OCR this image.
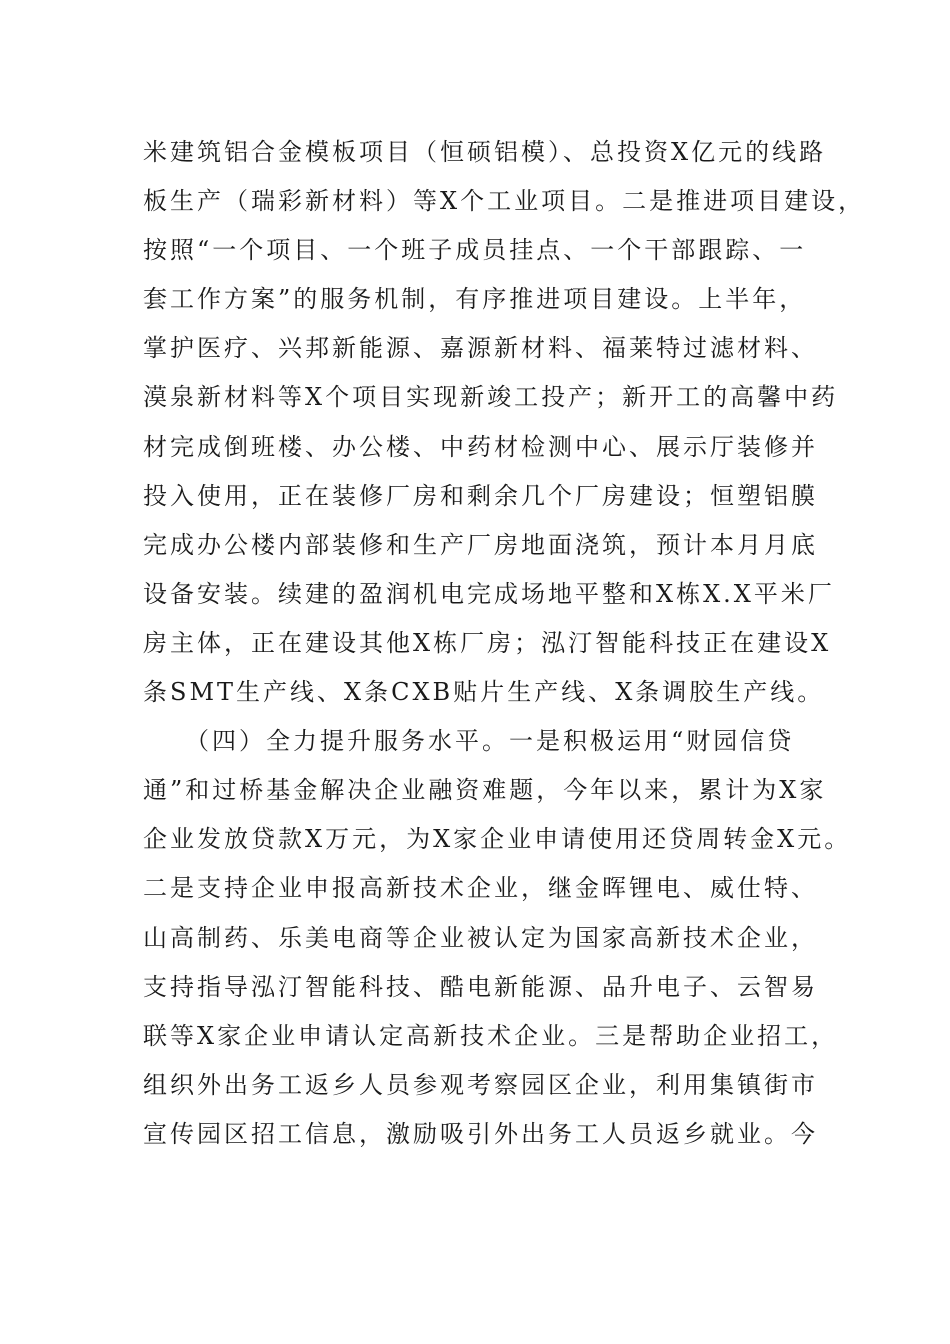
米建筑铝合金模板项目（恒硕铝模）、总投资X亿元的线路
板生产（瑞彩新材料）等X个工业项目。二是推进项目建设，
按照“一个项目、一个班子成员挂点、一个干部跟踪、一
套工作方案”的服务机制，有序推进项目建设。上半年，
掌护医疗、兴邦新能源、嘉源新材料、福莱特过滤材料、
漠泉新材料等X个项目实现新竣工投产；新开工的高馨中药
材完成倒班楼、办公楼、中药材检测中心、展示厅装修并
投入使用，正在装修厂房和剩余几个厂房建设；恒塑铝膜
完成办公楼内部装修和生产厂房地面浇筑，预计本月月底
设备安装。续建的盈润机电完成场地平整和X栋X.X平米厂
房主体，正在建设其他X栋厂房；泓汀智能科技正在建设X
条SMT生产线、X条CXB贴片生产线、X条调胶生产线。
　　（四）全力提升服务水平。一是积极运用“财园信贷
通”和过桥基金解决企业融资难题，今年以来，累计为X家
企业发放贷款X万元，为X家企业申请使用还贷周转金X元。
二是支持企业申报高新技术企业，继金晖锂电、威仕特、
山高制药、乐美电商等企业被认定为国家高新技术企业，
支持指导泓汀智能科技、酷电新能源、品升电子、云智易
联等X家企业申请认定高新技术企业。三是帮助企业招工，
组织外出务工返乡人员参观考察园区企业，利用集镇街市
宣传园区招工信息，激励吸引外出务工人员返乡就业。今
